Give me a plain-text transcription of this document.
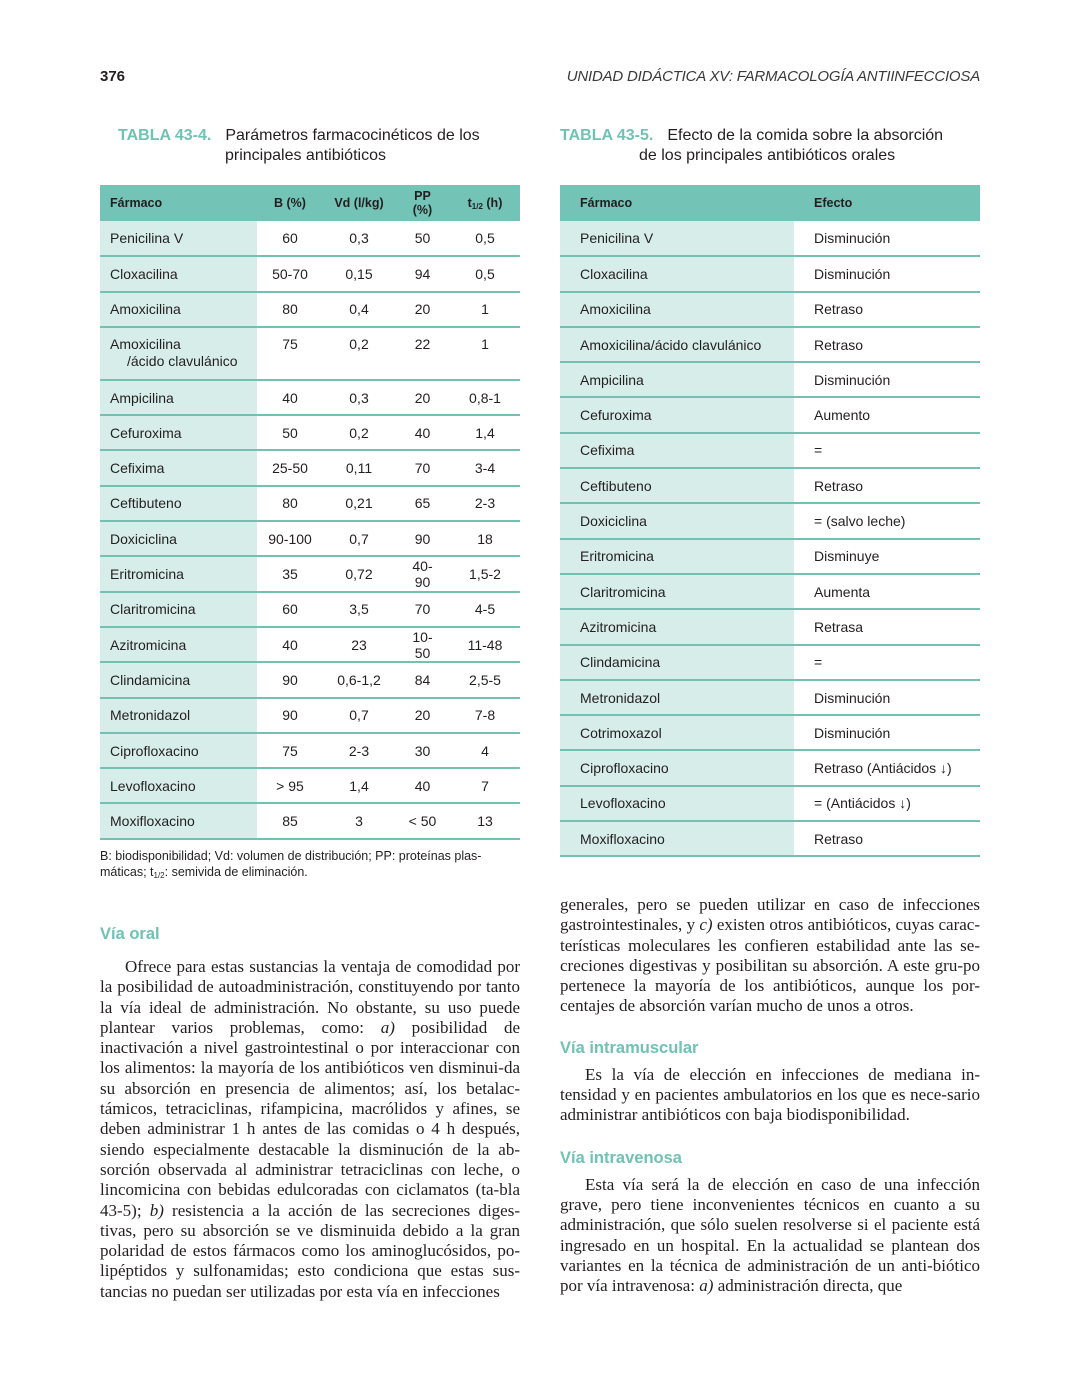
376	UNIDAD DIDÁCTICA XV: FARMACOLOGÍA ANTIINFECCIOSA
TABLA 43-4. Parámetros farmacocinéticos de los
principales antibióticos
Fármaco	B (%)	Vd (l/kg)	PP (%)	$t_{1/2}$ (h)
Penicilina V	60	0,3	50	0,5
Cloxacilina	50-70	0,15	94	0,5
Amoxicilina	80	0,4	20	1
Amoxicilina
/ácido clavulánico	75	0,2	22	1
Ampicilina	40	0,3	20	0,8-1
Cefuroxima	50	0,2	40	1,4
Cefixima	25-50	0,11	70	3-4
Ceftibuteno	80	0,21	65	2-3
Doxiciclina	90-100	0,7	90	18
Eritromicina	35	0,72	40-90	1,5-2
Claritromicina	60	3,5	70	4-5
Azitromicina	40	23	10-50	11-48
Clindamicina	90	0,6-1,2	84	2,5-5
Metronidazol	90	0,7	20	7-8
Ciprofloxacino	75	2-3	30	4
Levofloxacino	> 95	1,4	40	7
Moxifloxacino	85	3	< 50	13
B: biodisponibilidad; Vd: volumen de distribución; PP: proteínas plas-máticas; $t_{1/2}$: semivida de eliminación.
Vía oral

Ofrece para estas sustancias la ventaja de comodidad por la posibilidad de autoadministración, constituyendo por tanto la vía ideal de administración. No obstante, su uso puede plantear varios problemas, como: a) posibilidad de inactivación a nivel gastrointestinal o por interaccionar con los alimentos: la mayoría de los antibióticos ven disminui-da su absorción en presencia de alimentos; así, los betalac-támicos, tetraciclinas, rifampicina, macrólidos y afines, se deben administrar 1 h antes de las comidas o 4 h después, siendo especialmente destacable la disminución de la ab-sorción observada al administrar tetraciclinas con leche, o lincomicina con bebidas edulcoradas con ciclamatos (ta-bla 43-5); b) resistencia a la acción de las secreciones diges-tivas, pero su absorción se ve disminuida debido a la gran polaridad de estos fármacos como los aminoglucósidos, po-lipéptidos y sulfonamidas; esto condiciona que estas sus-tancias no puedan ser utilizadas por esta vía en infecciones

TABLA 43-5. Efecto de la comida sobre la absorción
de los principales antibióticos orales
Fármaco	Efecto
Penicilina V	Disminución
Cloxacilina	Disminución
Amoxicilina	Retraso
Amoxicilina/ácido clavulánico	Retraso
Ampicilina	Disminución
Cefuroxima	Aumento
Cefixima	=
Ceftibuteno	Retraso
Doxiciclina	= (salvo leche)
Eritromicina	Disminuye
Claritromicina	Aumenta
Azitromicina	Retrasa
Clindamicina	=
Metronidazol	Disminución
Cotrimoxazol	Disminución
Ciprofloxacino	Retraso (Antiácidos ↓)
Levofloxacino	= (Antiácidos ↓)
Moxifloxacino	Retraso

generales, pero se pueden utilizar en caso de infecciones gastrointestinales, y c) existen otros antibióticos, cuyas carac-terísticas moleculares les confieren estabilidad ante las se-creciones digestivas y posibilitan su absorción. A este gru-po pertenece la mayoría de los antibióticos, aunque los por-centajes de absorción varían mucho de unos a otros.

Vía intramuscular

Es la vía de elección en infecciones de mediana in-tensidad y en pacientes ambulatorios en los que es nece-sario administrar antibióticos con baja biodisponibilidad.

Vía intravenosa

Esta vía será la de elección en caso de una infección grave, pero tiene inconvenientes técnicos en cuanto a su administración, que sólo suelen resolverse si el paciente está ingresado en un hospital. En la actualidad se plantean dos variantes en la técnica de administración de un anti-biótico por vía intravenosa: a) administración directa, que
